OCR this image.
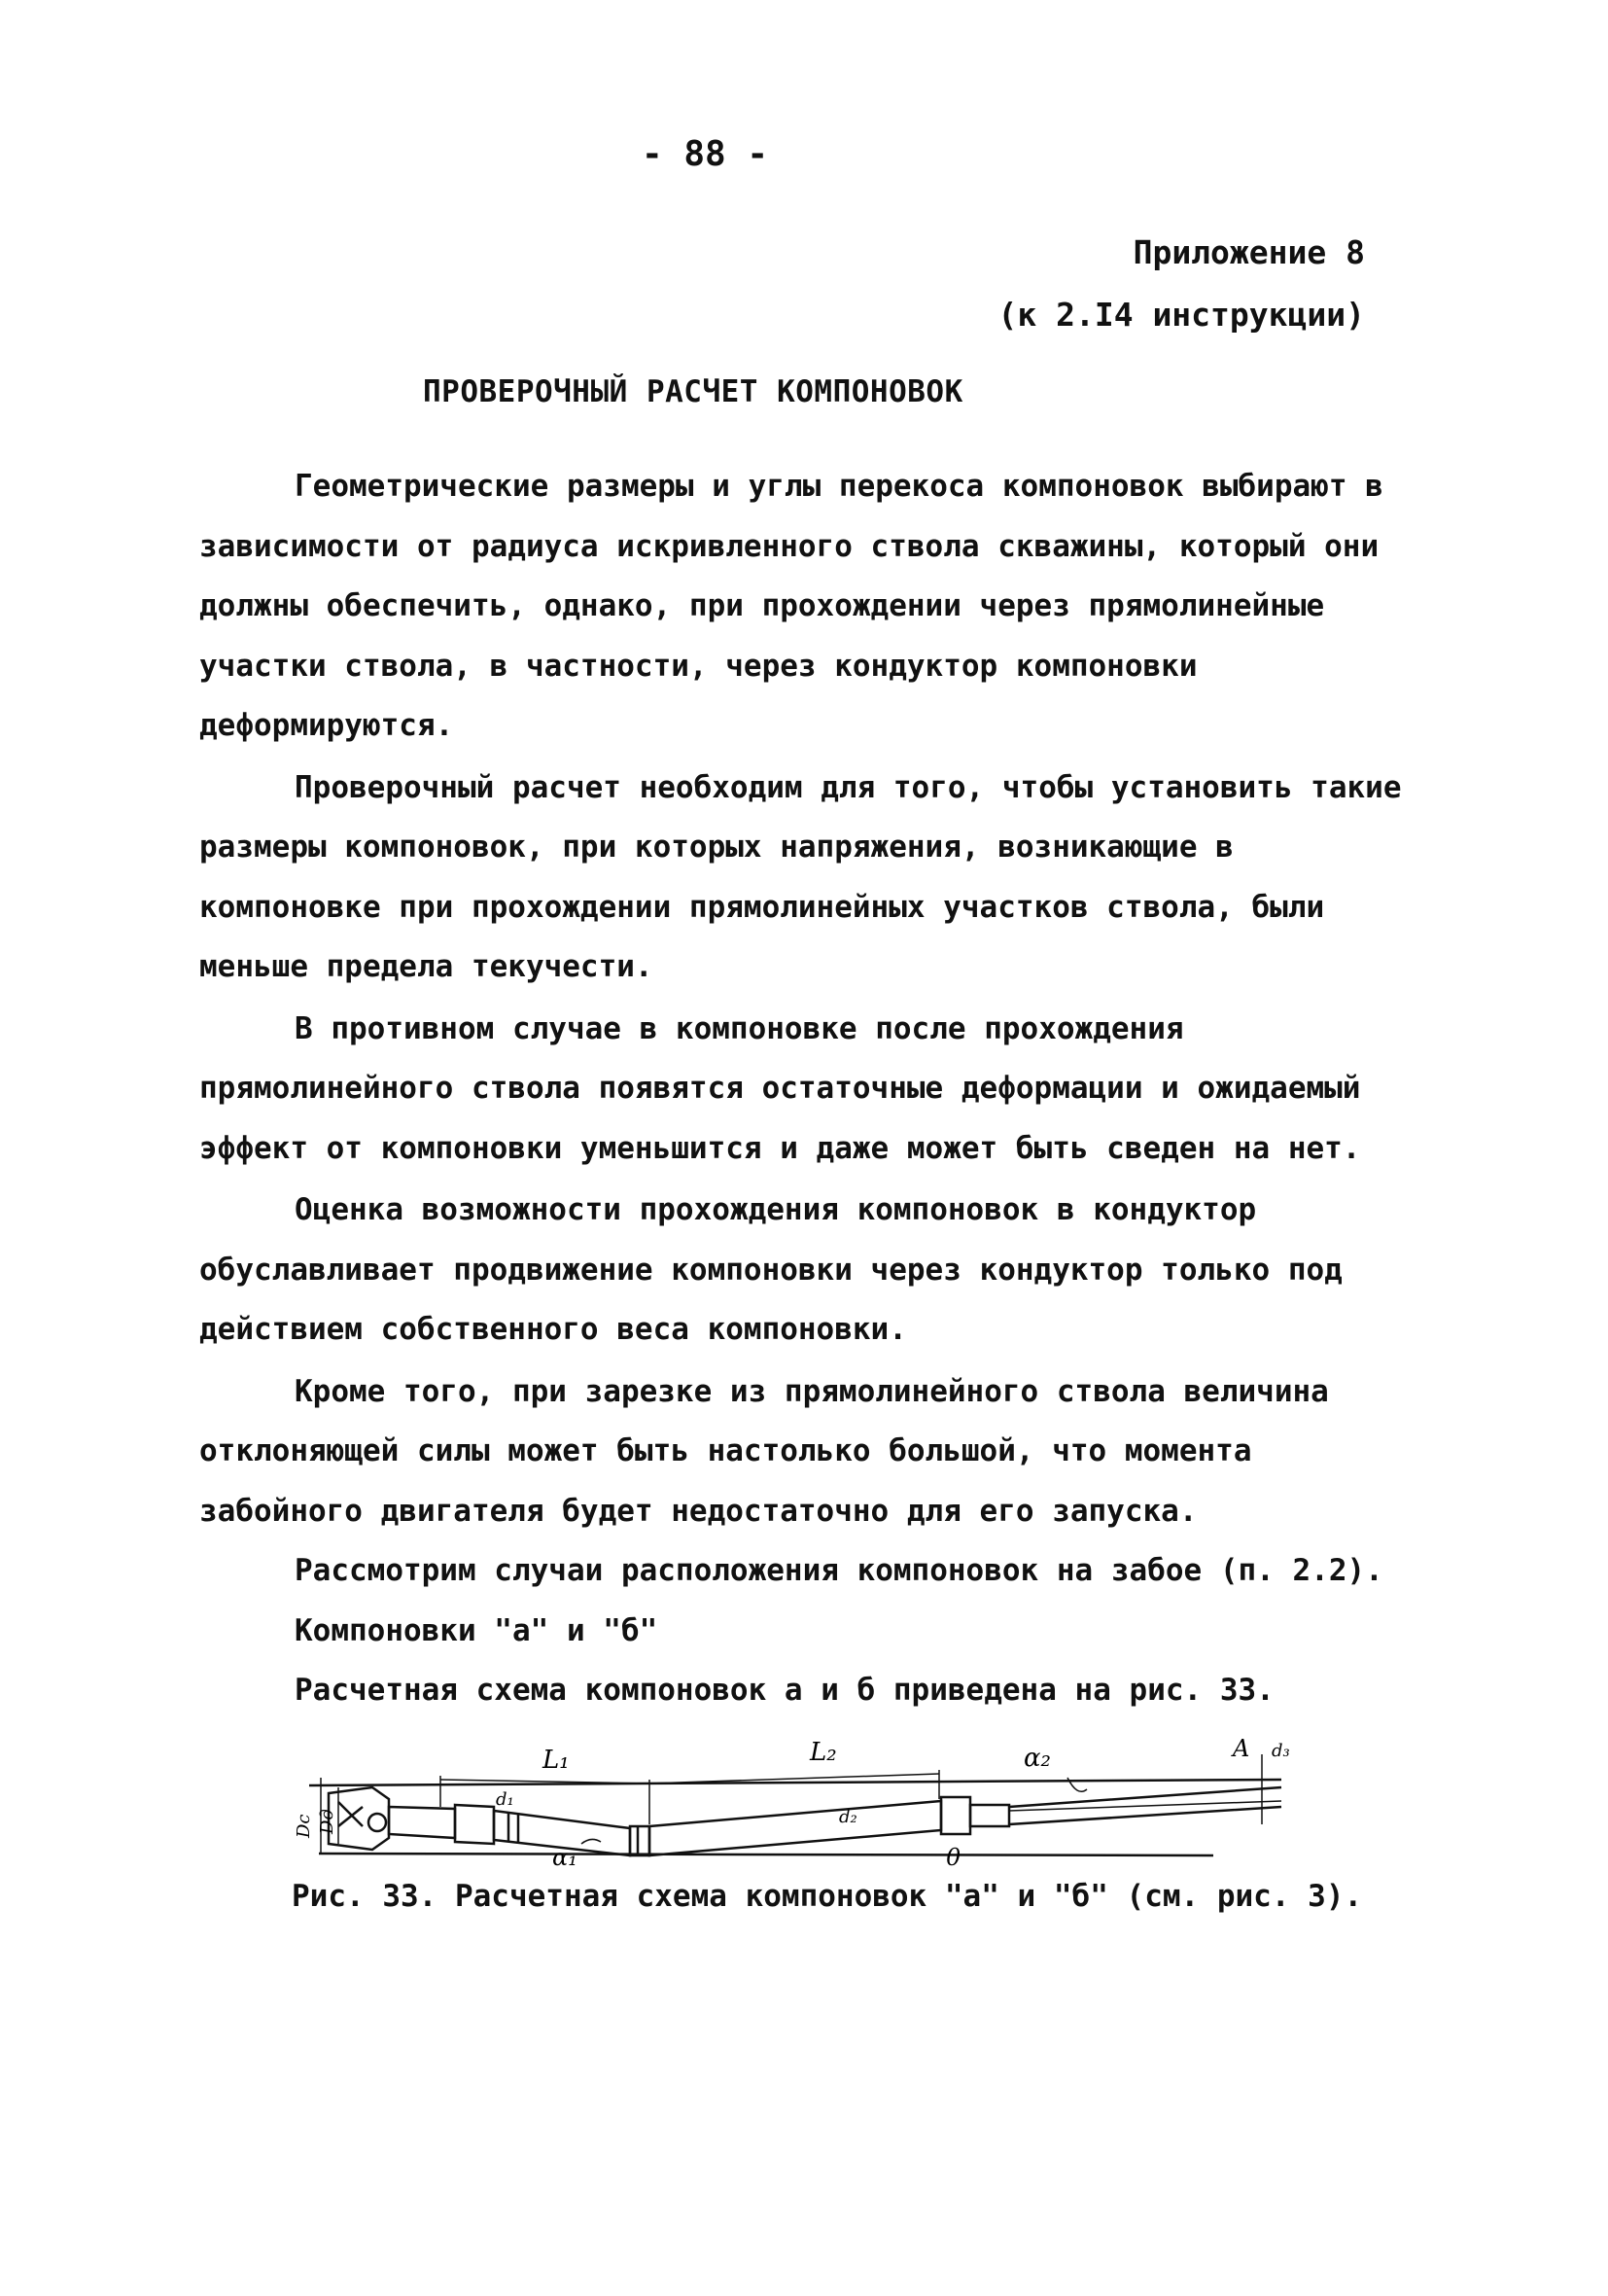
- 88 -
Приложение 8
(к 2.I4 инструкции)
ПРОВЕРОЧНЫЙ РАСЧЕТ КОМПОНОВОК

Геометрические размеры и углы перекоса компоновок выбирают в зависимости от радиуса искривленного ствола скважины, который они должны обеспечить, однако, при прохождении через прямолинейные участки ствола, в частности, через кондуктор компоновки деформируются.

Проверочный расчет необходим для того, чтобы установить такие размеры компоновок, при которых напряжения, возникающие в компоновке при прохождении прямолинейных участков ствола, были меньше предела текучести.

В противном случае в компоновке после прохождения прямолинейного ствола появятся остаточные деформации и ожидаемый эффект от компоновки уменьшится и даже может быть сведен на нет.

Оценка возможности прохождения компоновок в кондуктор обуславливает продвижение компоновки через кондуктор только под действием собственного веса компоновки.

Кроме того, при зарезке из прямолинейного ствола величина отклоняющей силы может быть настолько большой, что момента забойного двигателя будет недостаточно для его запуска.

Рассмотрим случаи расположения компоновок на забое (п. 2.2).

Компоновки "а" и "б"

Расчетная схема компоновок а и б приведена на рис. 33.

L₁	L₂	α₂	A d₃
α₁
d₁
d₂
0
Dc Dд
Рис. 33. Расчетная схема компоновок "а" и "б" (см. рис. 3).
